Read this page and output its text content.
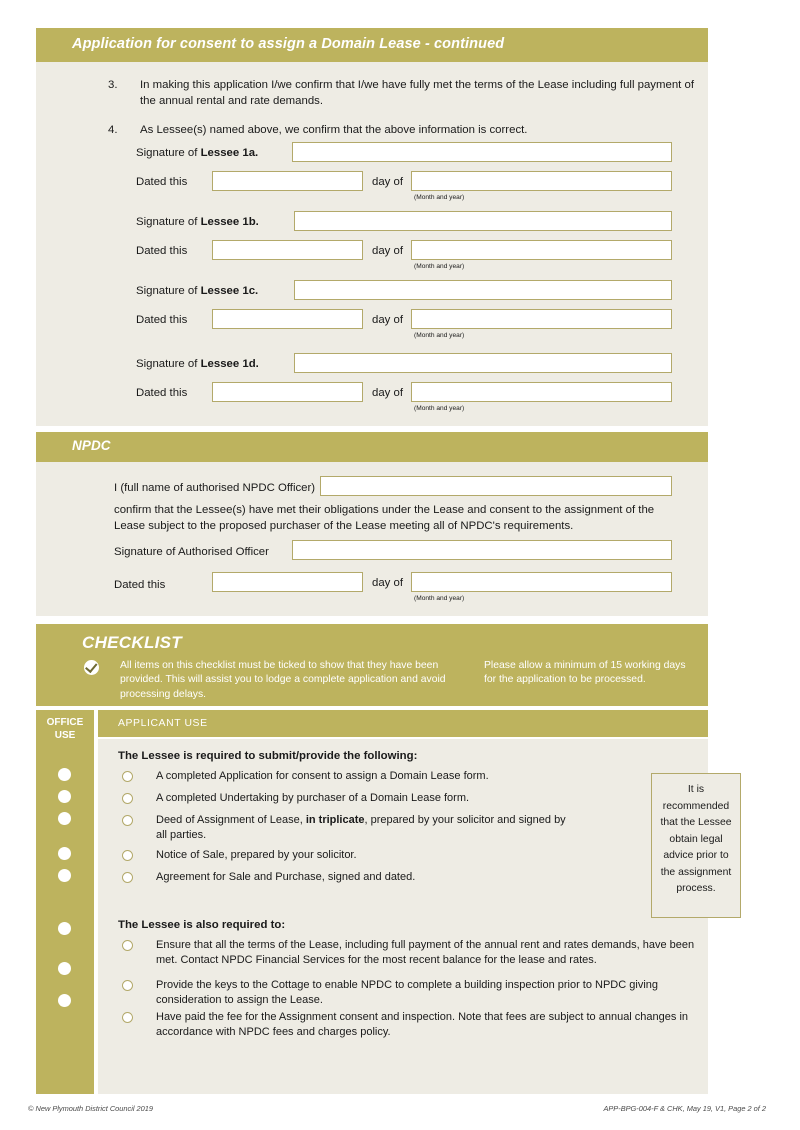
Application for consent to assign a Domain Lease - continued
3. In making this application I/we confirm that I/we have fully met the terms of the Lease including full payment of the annual rental and rate demands.
4. As Lessee(s) named above, we confirm that the above information is correct.
Signature of Lessee 1a.
Dated this	day of
(Month and year)
Signature of Lessee 1b.
Dated this	day of
(Month and year)
Signature of Lessee 1c.
Dated this	day of
(Month and year)
Signature of Lessee 1d.
Dated this	day of
(Month and year)
NPDC
I (full name of authorised NPDC Officer)
confirm that the Lessee(s) have met their obligations under the Lease and consent to the assignment of the Lease subject to the proposed purchaser of the Lease meeting all of NPDC's requirements.
Signature of Authorised Officer
Dated this	day of
(Month and year)
CHECKLIST
All items on this checklist must be ticked to show that they have been provided. This will assist you to lodge a complete application and avoid processing delays.
Please allow a minimum of 15 working days for the application to be processed.
OFFICE
USE
APPLICANT USE
It is recommended that the Lessee obtain legal advice prior to the assignment process.
The Lessee is required to submit/provide the following:
A completed Application for consent to assign a Domain Lease form.
A completed Undertaking by purchaser of a Domain Lease form.
Deed of Assignment of Lease, in triplicate, prepared by your solicitor and signed by all parties.
Notice of Sale, prepared by your solicitor.
Agreement for Sale and Purchase, signed and dated.
The Lessee is also required to:
Ensure that all the terms of the Lease, including full payment of the annual rent and rates demands, have been met. Contact NPDC Financial Services for the most recent balance for the lease and rates.
Provide the keys to the Cottage to enable NPDC to complete a building inspection prior to NPDC giving consideration to assign the Lease.
Have paid the fee for the Assignment consent and inspection. Note that fees are subject to annual changes in accordance with NPDC fees and charges policy.
© New Plymouth District Council 2019	APP-BPG-004-F & CHK, May 19, V1, Page 2 of 2
